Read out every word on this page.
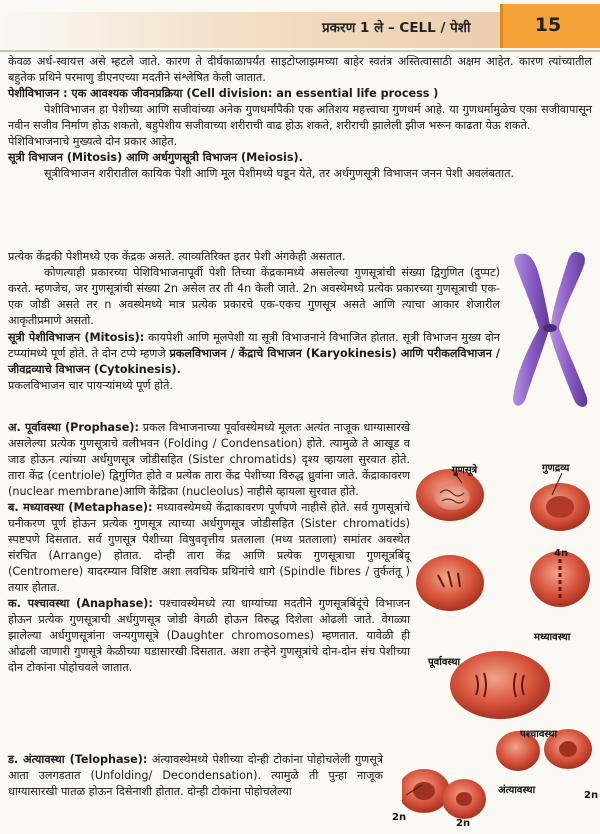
प्रकरण 1 ले – CELL / पेशी	15

केवळ अर्ध-स्वायत्त असे म्हटले जाते. कारण ते दीर्घकाळापर्यंत साइटोप्लाझमच्या बाहेर स्वतंत्र अस्तित्वासाठी अक्षम आहेत. कारण त्यांच्यातील बहुतेक प्रथिने परमाणु डीएनएच्या मदतीने संश्लेषित केली जातात.

पेशीविभाजन : एक आवश्यक जीवनप्रक्रिया (Cell division: an essential life process )

पेशीविभाजन हा पेशीच्या आणि सजीवांच्या अनेक गुणधर्मांपैकी एक अतिशय महत्त्वाचा गुणधर्म आहे. या गुणधर्मामुळेच एका सजीवापासून नवीन सजीव निर्माण होऊ शकतो, बहुपेशीय सजीवाच्या शरीराची वाढ होऊ शकते, शरीराची झालेली झीज भरून काढता येऊ शकते.

पेशिविभाजनाचे मुख्यत्वे दोन प्रकार आहेत.

सूत्री विभाजन (Mitosis) आणि अर्धगुणसूत्री विभाजन (Meiosis).

सूत्रीविभाजन शरीरातील कायिक पेशी आणि मूल पेशीमध्ये घडून येते, तर अर्धगुणसूत्री विभाजन जनन पेशी अवलंबतात.

प्रत्येक केंद्रकी पेशीमध्ये एक केंद्रक असते. त्याव्यतिरिक्त इतर पेशी अंगकेही असतात.

कोणत्याही प्रकारच्या पेशिविभाजनापूर्वी पेशी तिच्या केंद्रकामध्ये असलेल्या गुणसूत्रांची संख्या द्विगुणित (दुप्पट) करते. म्हणजेच, जर गुणसूत्रांची संख्या 2n असेल तर ती 4n केली जाते. 2n अवस्थेमध्ये प्रत्येक प्रकारच्या गुणसूत्राची एक-एक जोडी असते तर n अवस्थेमध्ये मात्र प्रत्येक प्रकारचे एक-एकच गुणसूत्र असते आणि त्याचा आकार शेजारील आकृतीप्रमाणे असतो.

सूत्री पेशीविभाजन (Mitosis): कायपेशी आणि मूलपेशी या सूत्री विभाजनाने विभाजित होतात. सूत्री विभाजन मुख्य दोन टप्प्यांमध्ये पूर्ण होते. ते दोन टप्पे म्हणजे प्रकलविभाजन / केंद्राचे विभाजन (Karyokinesis) आणि परीकलविभाजन / जीवद्रव्याचे विभाजन (Cytokinesis).

प्रकलविभाजन चार पायऱ्यांमध्ये पूर्ण होते.

अ. पूर्वावस्था (Prophase): प्रकल विभाजनाच्या पूर्वावस्थेमध्ये मूलतः अत्यंत नाजूक धाग्यासारखे असलेल्या प्रत्येक गुणसूत्राचे वलीभवन (Folding / Condensation) होते. त्यामुळे ते आखूड व जाड होऊन त्यांच्या अर्धगुणसूत्र जोडीसहित (Sister chromatids) दृश्य व्हायला सुरवात होते. तारा केंद्र (centriole) द्विगुणित होते व प्रत्येक तारा केंद्र पेशीच्या विरुद्ध ध्रुवांना जाते. केंद्राकावरण (nuclear membrane)आणि केंद्रिका (nucleolus) नाहीसे व्हायला सुरवात होते.

ब. मध्यावस्था (Metaphase): मध्यावस्थेमध्ये केंद्राकावरण पूर्णपणे नाहीसे होते. सर्व गुणसूत्रांचे घनीकरण पूर्ण होऊन प्रत्येक गुणसूत्र त्याच्या अर्धगुणसूत्र जोडीसहित (Sister chromatids) स्पष्टपणे दिसतात. सर्व गुणसूत्र पेशीच्या विषुववृत्तीय प्रतलाला (मध्य प्रतलाला) समांतर अवस्थेत संरचित (Arrange) होतात. दोन्ही तारा केंद्र आणि प्रत्येक गुणसूत्राचा गुणसूत्रबिंदू (Centromere) यादरम्यान विशिष्ट अशा लवचिक प्रथिनांचे धागे (Spindle fibres / तुर्कतंतू ) तयार होतात.

क. पश्चावस्था (Anaphase): पश्चावस्थेमध्ये त्या धाग्यांच्या मदतीने गुणसूत्रबिंदूंचे विभाजन होऊन प्रत्येक गुणसूत्राची अर्धगुणसूत्र जोडी वेगळी होऊन विरुद्ध दिशेला ओढली जाते. वेगळ्या झालेल्या अर्धगुणसूत्रांना जन्यगुणसूत्रे (Daughter chromosomes) म्हणतात. यावेळी ही ओढली जाणारी गुणसूत्रे केळीच्या घडासारखी दिसतात. अशा तऱ्हेने गुणसूत्रांचे दोन-दोन संच पेशीच्या दोन टोकांना पोहोचवले जातात.

ड. अंत्यावस्था (Telophase): अंत्यावस्थेमध्ये पेशीच्या दोन्ही टोकांना पोहोचलेली गुणसूत्रे आता उलगडतात (Unfolding/ Decondensation). त्यामुळे ती पुन्हा नाजूक धाग्यासारखी पातळ होऊन दिसेनाशी होतात. दोन्ही टोकांना पोहोचलेल्या

गुणसूत्रे	गुणद्रव्य
4n
मध्यावस्था
पूर्वावस्था
पश्चावस्था
अंत्यावस्था
2n
2n
2n
